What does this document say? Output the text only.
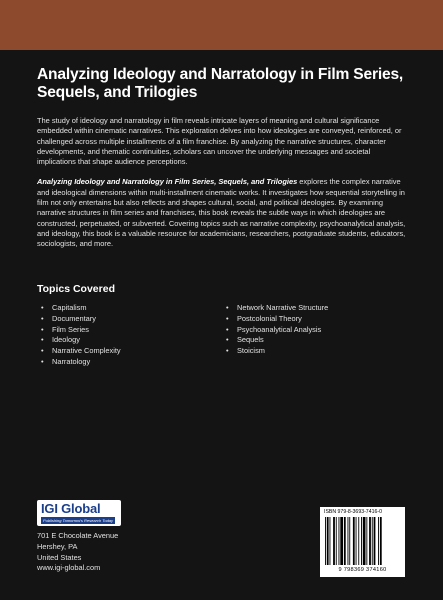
Analyzing Ideology and Narratology in Film Series, Sequels, and Trilogies

The study of ideology and narratology in film reveals intricate layers of meaning and cultural significance embedded within cinematic narratives. This exploration delves into how ideologies are conveyed, reinforced, or challenged across multiple installments of a film franchise. By analyzing the narrative structures, character developments, and thematic continuities, scholars can uncover the underlying messages and societal implications that shape audience perceptions.

Analyzing Ideology and Narratology in Film Series, Sequels, and Trilogies explores the complex narrative and ideological dimensions within multi-installment cinematic works. It investigates how sequential storytelling in film not only entertains but also reflects and shapes cultural, social, and political ideologies. By examining narrative structures in film series and franchises, this book reveals the subtle ways in which ideologies are constructed, perpetuated, or subverted. Covering topics such as narrative complexity, psychoanalytical analysis, and ideology, this book is a valuable resource for academicians, researchers, postgraduate students, educators, sociologists, and more.

Topics Covered
• Capitalism
• Documentary
• Film Series
• Ideology
• Narrative Complexity
• Narratology
• Network Narrative Structure
• Postcolonial Theory
• Psychoanalytical Analysis
• Sequels
• Stoicism
IGI Global
Publishing Tomorrow's Research Today
701 E Chocolate Avenue
Hershey, PA
United States
www.igi-global.com
ISBN 979-8-3693-7416-0
9 798369 374160
